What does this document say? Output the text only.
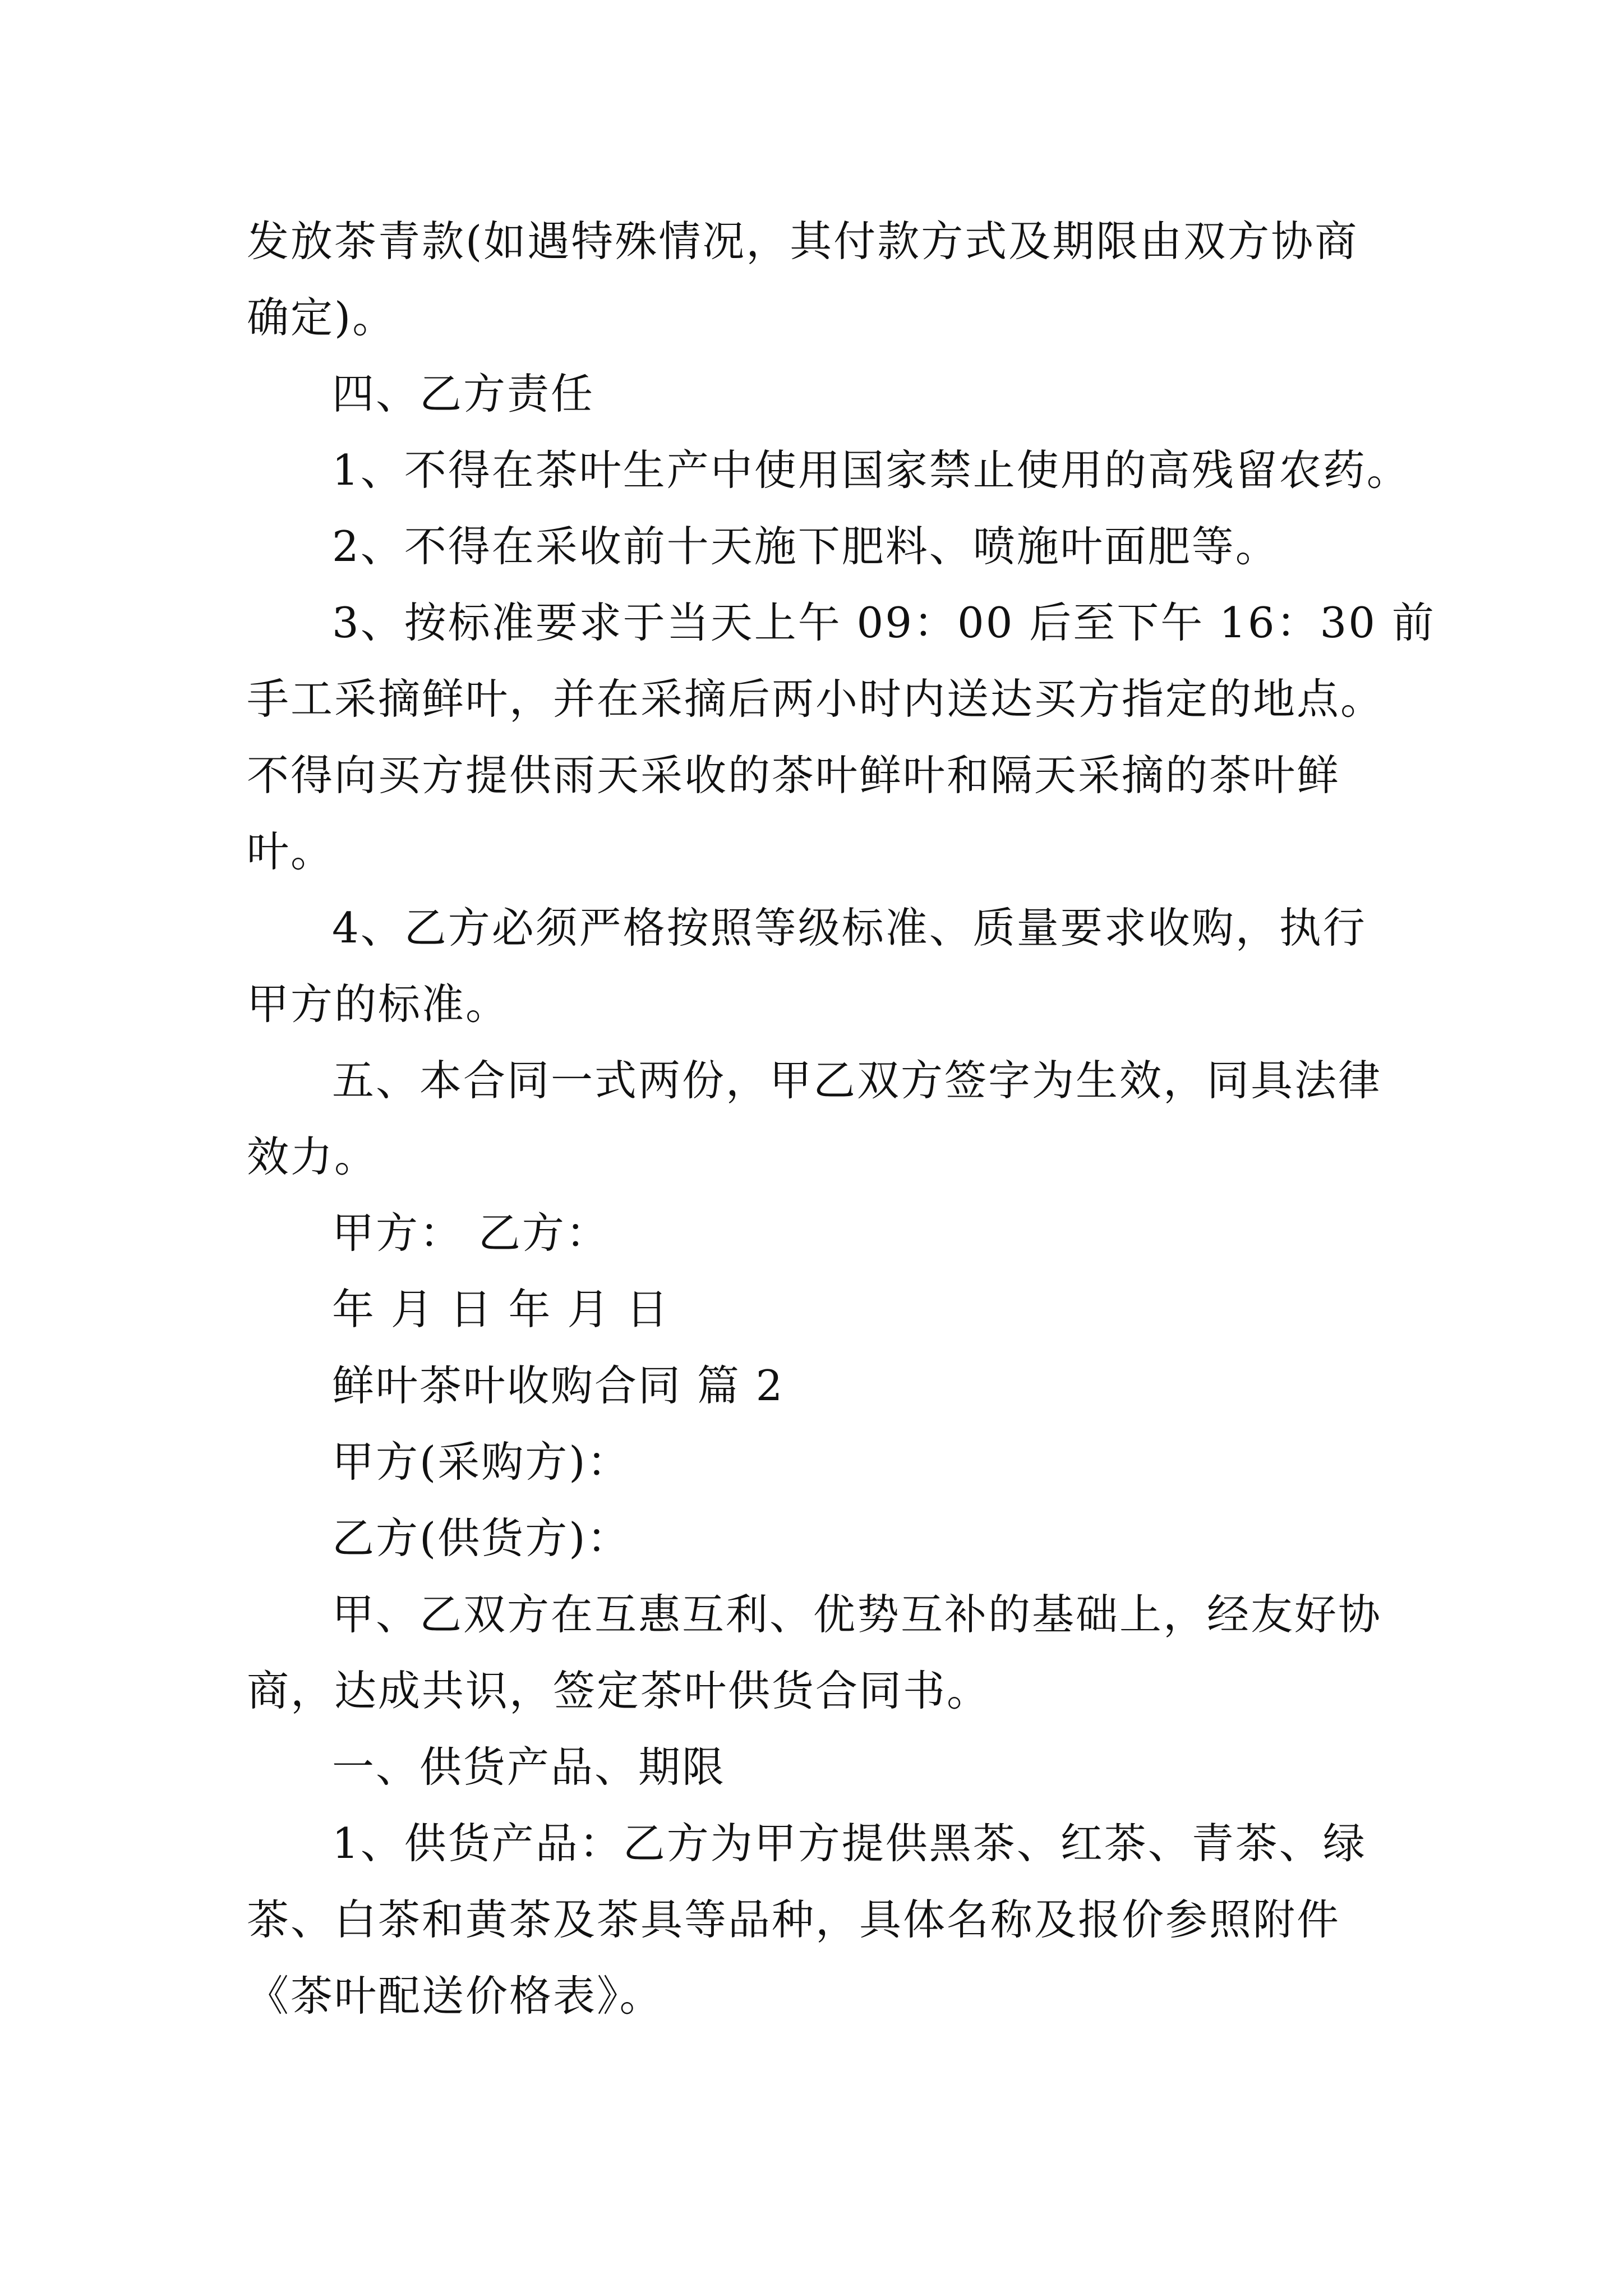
发放茶青款(如遇特殊情况，其付款方式及期限由双方协商
确定)。
四、乙方责任
1、不得在茶叶生产中使用国家禁止使用的高残留农药。
2、不得在采收前十天施下肥料、喷施叶面肥等。
3、按标准要求于当天上午 09：00 后至下午 16：30 前
手工采摘鲜叶，并在采摘后两小时内送达买方指定的地点。
不得向买方提供雨天采收的茶叶鲜叶和隔天采摘的茶叶鲜
叶。
4、乙方必须严格按照等级标准、质量要求收购，执行
甲方的标准。
五、本合同一式两份，甲乙双方签字为生效，同具法律
效力。
甲方： 乙方：
年 月 日 年 月 日
鲜叶茶叶收购合同 篇 2
甲方(采购方)：
乙方(供货方)：
甲、乙双方在互惠互利、优势互补的基础上，经友好协
商，达成共识，签定茶叶供货合同书。
一、供货产品、期限
1、供货产品：乙方为甲方提供黑茶、红茶、青茶、绿
茶、白茶和黄茶及茶具等品种，具体名称及报价参照附件
《茶叶配送价格表》。
